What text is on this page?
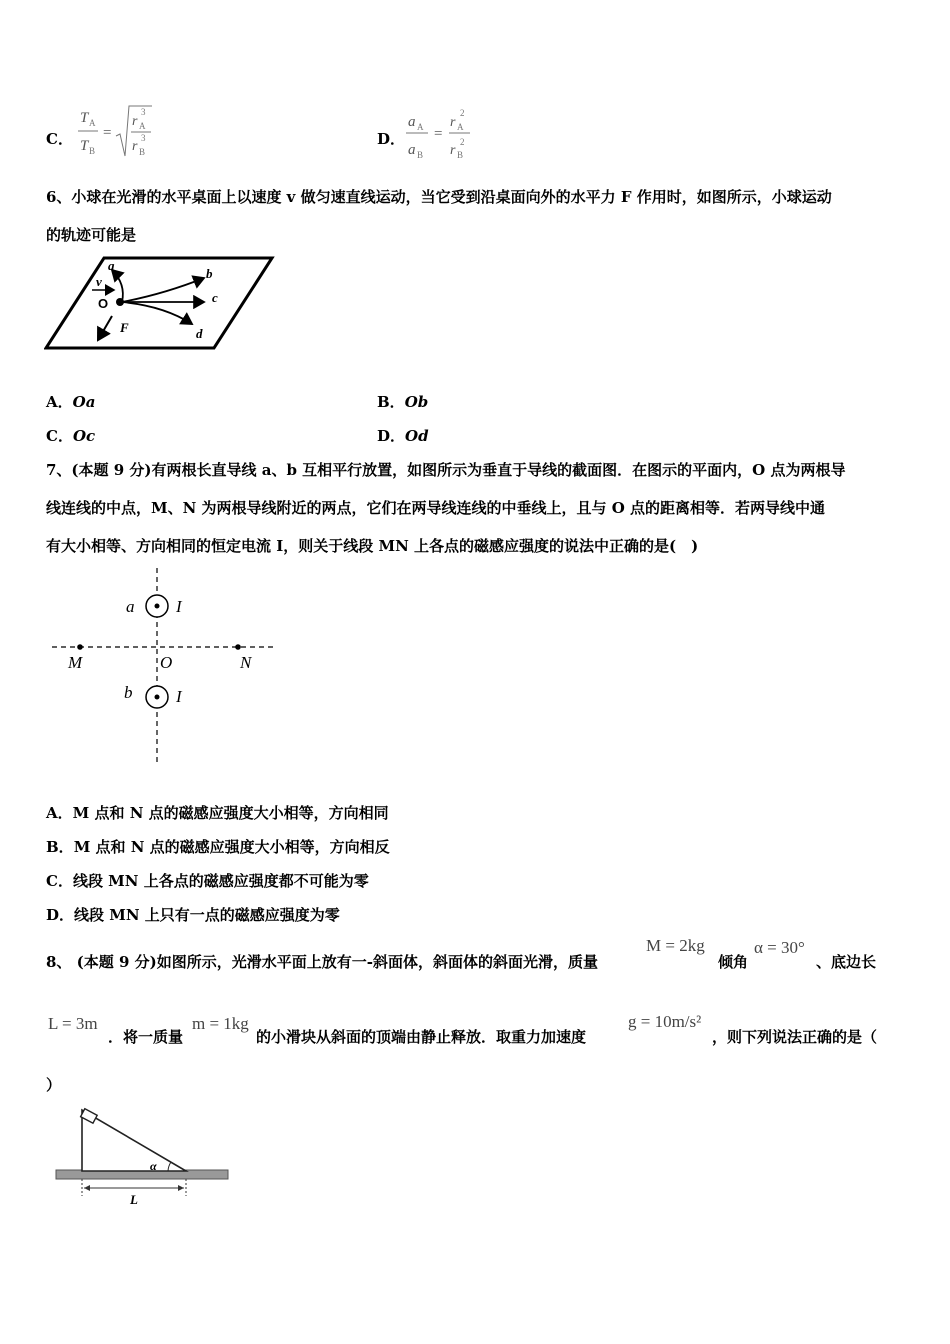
C．
T A
T B
=
r A
3
r B
3	D．
a A
a B
=
r A
2
r B
2
6、小球在光滑的水平桌面上以速度 v 做匀速直线运动，当它受到沿桌面向外的水平力 F 作用时，如图所示，小球运动
的轨迹可能是
a
b
c
d
v
O
F
A．Oa	B．Ob
C．Oc	D．Od
7、(本题 9 分)有两根长直导线 a、b 互相平行放置，如图所示为垂直于导线的截面图．在图示的平面内，O 点为两根导
线连线的中点，M、N 为两根导线附近的两点，它们在两导线连线的中垂线上，且与 O 点的距离相等．若两导线中通
有大小相等、方向相同的恒定电流 I，则关于线段 MN 上各点的磁感应强度的说法中正确的是(　)
a I
M	O	N
b	I
A．M 点和 N 点的磁感应强度大小相等，方向相同
B．M 点和 N 点的磁感应强度大小相等，方向相反
C．线段 MN 上各点的磁感应强度都不可能为零
D．线段 MN 上只有一点的磁感应强度为零
8、 (本题 9 分)如图所示，光滑水平面上放有一-斜面体，斜面体的斜面光滑，质量
M = 2kg
倾角
α = 30°
、底边长
L = 3m
．将一质量
m = 1kg
的小滑块从斜面的顶端由静止释放．取重力加速度
g = 10m/s²
，则下列说法正确的是（
）
α
L
